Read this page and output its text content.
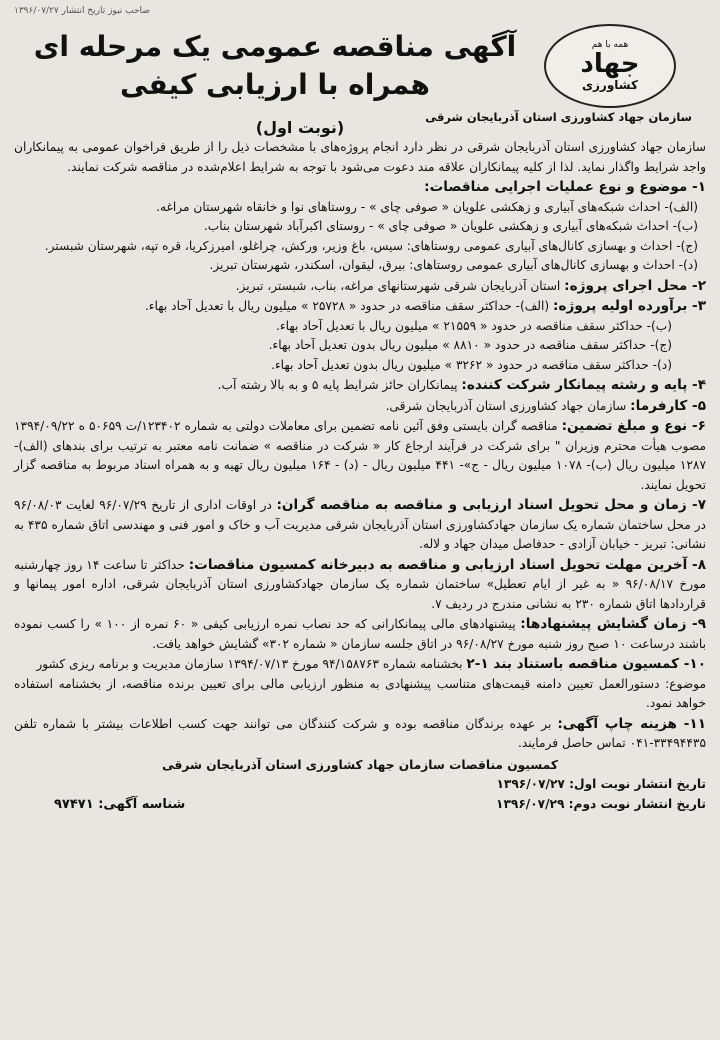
صاحب نیوز تاریخ انتشار ۱۳۹۶/۰۷/۲۷
همه با هم
جهاد
کشاورزی
سازمان جهاد کشاورزی استان آذربایجان شرقی
آگهی مناقصه عمومی یک مرحله ای
همراه با ارزیابی کیفی
(نوبت اول)

سازمان جهاد کشاورزی استان آذربایجان شرقی در نظر دارد انجام پروژه‌های با مشخصات ذیل را از طریق فراخوان عمومی به پیمانکاران واجد شرایط واگذار نماید. لذا از کلیه پیمانکاران علاقه مند دعوت می‌شود با توجه به شرایط اعلام‌شده در مناقصه شرکت نمایند.

۱- موضوع و نوع عملیات اجرایی مناقصات:

(الف)- احداث شبکه‌های آبیاری و زهکشی علویان « صوفی چای » - روستاهای نوا و خانقاه شهرستان مراغه.

(ب)- احداث شبکه‌های آبیاری و زهکشی علویان « صوفی چای » - روستای اکبرآباد شهرستان بناب.

(ج)- احداث و بهسازی کانال‌های آبیاری عمومی روستاهای: سیس، باغ وزیر، ورکش، چراغلو، امیرزکریا، قره تپه، شهرستان شبستر.

(د)- احداث و بهسازی کانال‌های آبیاری عمومی روستاهای: بیرق، لیقوان، اسکندر، شهرستان تبریز.

۲- محل اجرای پروژه: استان آذربایجان شرقی شهرستانهای مراغه، بناب، شبستر، تبریز.

۳- برآورده اولیه پروژه: (الف)- حداکثر سقف مناقصه در حدود « ۲۵۷۲۸ » میلیون ریال با تعدیل آحاد بهاء.

(ب)- حداکثر سقف مناقصه در حدود « ۲۱۵۵۹ » میلیون ریال با تعدیل آحاد بهاء.

(ج)- حداکثر سقف مناقصه در حدود « ۸۸۱۰ » میلیون ریال بدون تعدیل آحاد بهاء.

(د)- حداکثر سقف مناقصه در حدود « ۳۲۶۲ » میلیون ریال بدون تعدیل آحاد بهاء.

۴- پایه و رشته پیمانکار شرکت کننده: پیمانکاران حائز شرایط پایه ۵ و به بالا رشته آب.

۵- کارفرما: سازمان جهاد کشاورزی استان آذربایجان شرقی.

۶- نوع و مبلغ تضمین: مناقصه گران بایستی وفق آئین نامه تضمین برای معاملات دولتی به شماره ۱۲۳۴۰۲/ت ۵۰۶۵۹ ه ۱۳۹۴/۰۹/۲۲ مصوب هیأت محترم وزیران " برای شرکت در فرآیند ارجاع کار « شرکت در مناقصه » ضمانت نامه معتبر به ترتیب برای بندهای (الف)- ۱۲۸۷ میلیون ریال (ب)- ۱۰۷۸ میلیون ریال - ج»- ۴۴۱ میلیون ریال - (د) - ۱۶۴ میلیون ریال تهیه و به همراه اسناد مربوط به مناقصه گزار تحویل نمایند.

۷- زمان و محل تحویل اسناد ارزیابی و مناقصه به مناقصه گران: در اوقات اداری از تاریخ ۹۶/۰۷/۲۹ لغایت ۹۶/۰۸/۰۳ در محل ساختمان شماره یک سازمان جهادکشاورزی استان آذربایجان شرقی مدیریت آب و خاک و امور فنی و مهندسی اتاق شماره ۴۳۵ به نشانی: تبریز - خیابان آزادی - حدفاصل میدان جهاد و لاله.

۸- آخرین مهلت تحویل اسناد ارزیابی و مناقصه به دبیرخانه کمسیون مناقصات: حداکثر تا ساعت ۱۴ روز چهارشنبه مورخ ۹۶/۰۸/۱۷ « به غیر از ایام تعطیل» ساختمان شماره یک سازمان جهادکشاورزی استان آذربایجان شرقی، اداره امور پیمانها و قراردادها اتاق شماره ۲۳۰ به نشانی مندرج در ردیف ۷.

۹- زمان گشایش پیشنهادها: پیشنهادهای مالی پیمانکارانی که حد نصاب نمره ارزیابی کیفی « ۶۰ نمره از ۱۰۰ » را کسب نموده باشند درساعت ۱۰ صبح روز شنبه مورخ ۹۶/۰۸/۲۷ در اتاق جلسه سازمان « شماره ۳۰۲» گشایش خواهد یافت.

۱۰- کمسیون مناقصه باستناد بند ۱-۲ بخشنامه شماره ۹۴/۱۵۸۷۶۳ مورخ ۱۳۹۴/۰۷/۱۳ سازمان مدیریت و برنامه ریزی کشور

موضوع: دستورالعمل تعیین دامنه قیمت‌های متناسب پیشنهادی به منظور ارزیابی مالی برای تعیین برنده مناقصه، از بخشنامه استفاده خواهد نمود.

۱۱- هزینه چاپ آگهی: بر عهده برندگان مناقصه بوده و شرکت کنندگان می توانند جهت کسب اطلاعات بیشتر با شماره تلفن ۳۳۴۹۴۴۳۵-۰۴۱ تماس حاصل فرمایند.

کمسیون مناقصات سازمان جهاد کشاورزی استان آذربایجان شرقی

تاریخ انتشار نوبت اول: ۱۳۹۶/۰۷/۲۷

تاریخ انتشار نوبت دوم: ۱۳۹۶/۰۷/۲۹

شناسه آگهی: ۹۷۴۷۱
